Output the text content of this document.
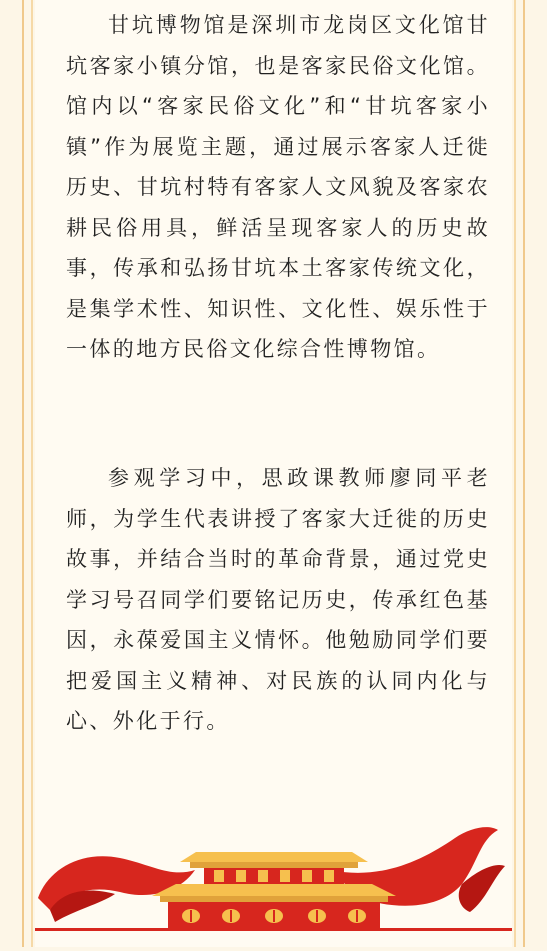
甘坑博物馆是深圳市龙岗区文化馆甘坑客家小镇分馆，也是客家民俗文化馆。馆内以“客家民俗文化”和“甘坑客家小镇”作为展览主题，通过展示客家人迁徙历史、甘坑村特有客家人文风貌及客家农耕民俗用具，鲜活呈现客家人的历史故事，传承和弘扬甘坑本土客家传统文化，是集学术性、知识性、文化性、娱乐性于一体的地方民俗文化综合性博物馆。

参观学习中，思政课教师廖同平老师，为学生代表讲授了客家大迁徙的历史故事，并结合当时的革命背景，通过党史学习号召同学们要铭记历史，传承红色基因，永葆爱国主义情怀。他勉励同学们要把爱国主义精神、对民族的认同内化与心、外化于行。
